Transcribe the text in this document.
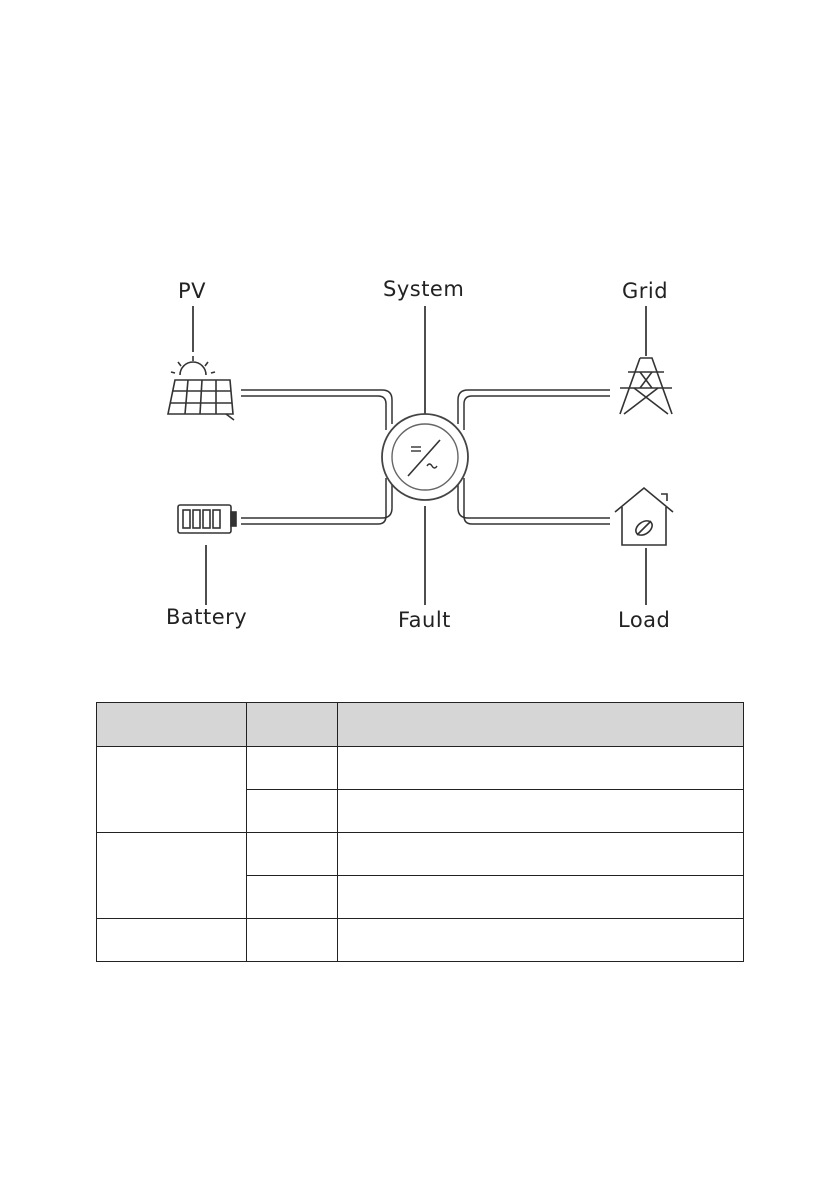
PV	System	Grid
Battery	Fault	Load
